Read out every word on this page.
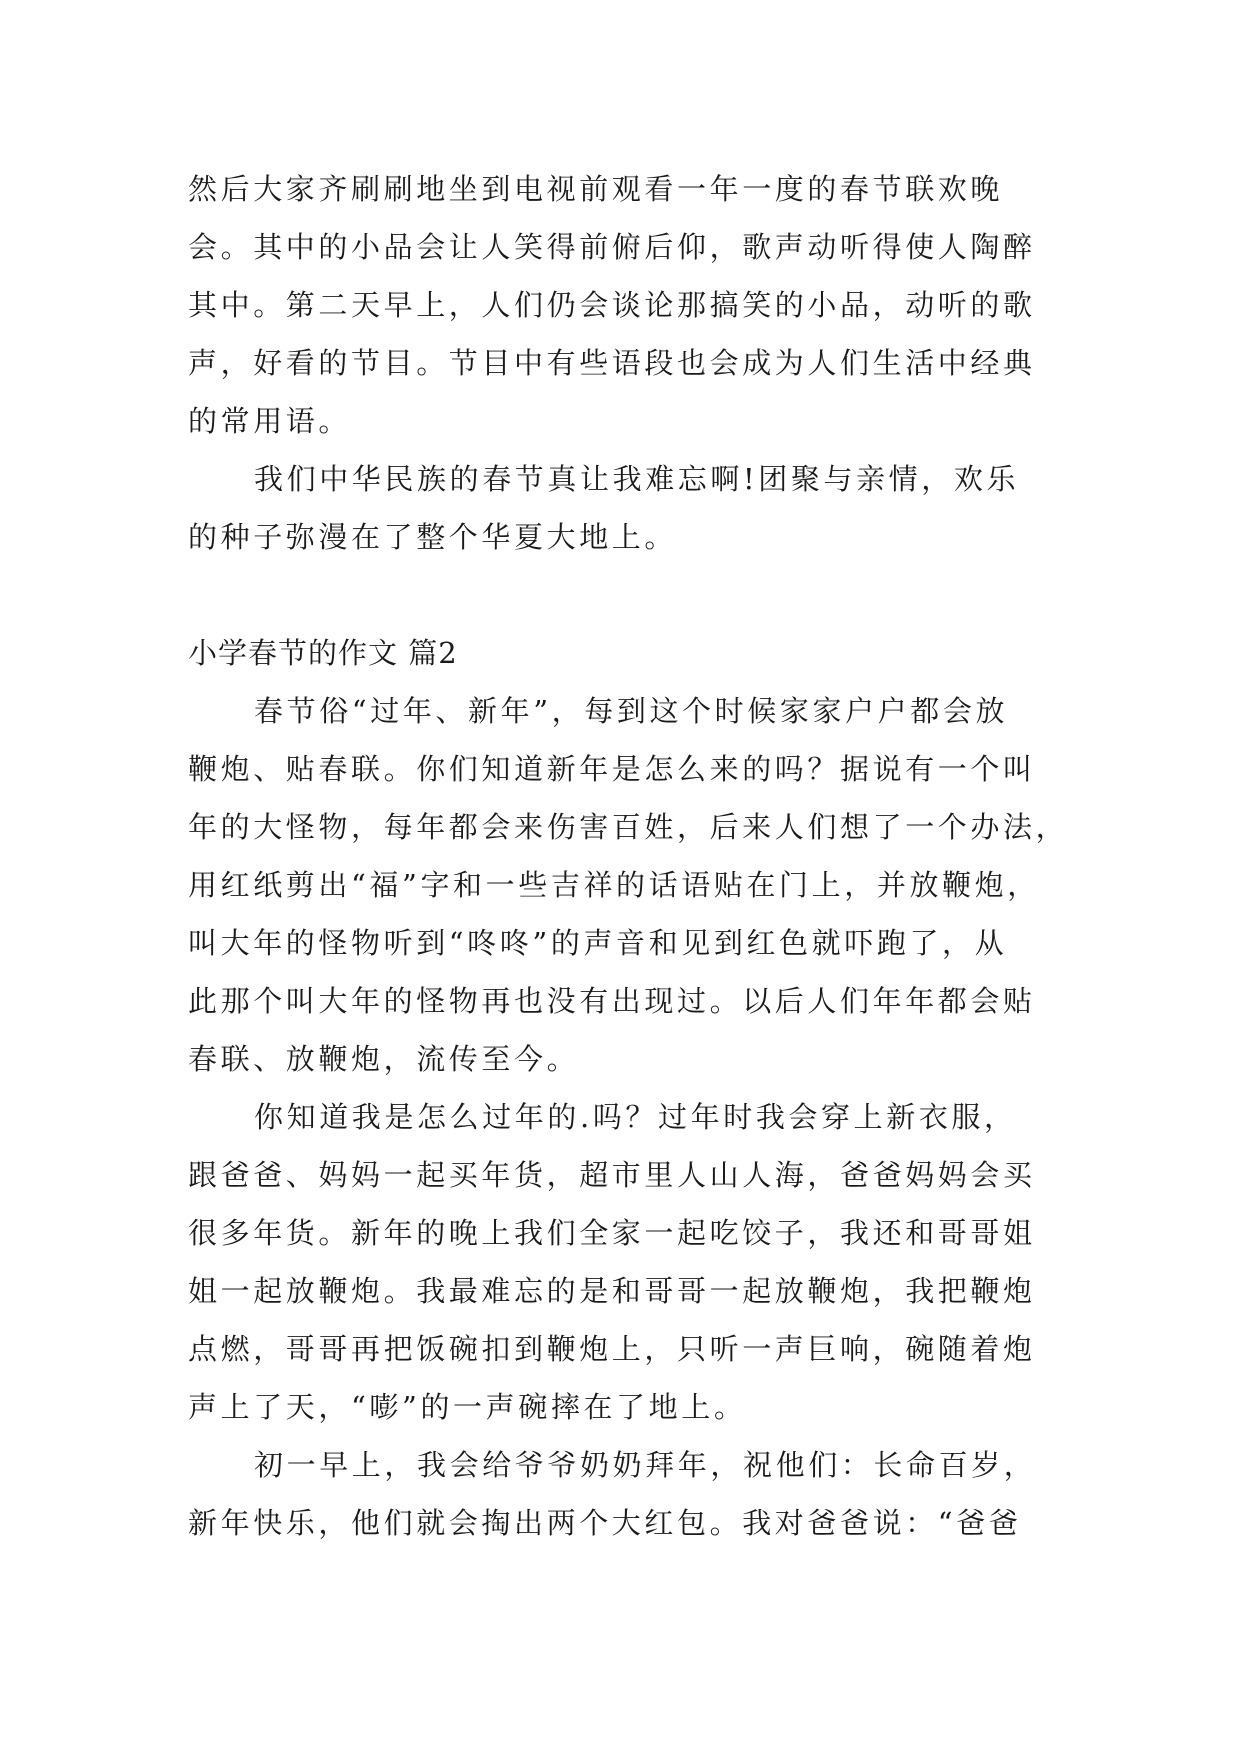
然后大家齐刷刷地坐到电视前观看一年一度的春节联欢晚
会。其中的小品会让人笑得前俯后仰，歌声动听得使人陶醉
其中。第二天早上，人们仍会谈论那搞笑的小品，动听的歌
声，好看的节目。节目中有些语段也会成为人们生活中经典
的常用语。
我们中华民族的春节真让我难忘啊!团聚与亲情，欢乐
的种子弥漫在了整个华夏大地上。
小学春节的作文 篇2
春节俗“过年、新年”，每到这个时候家家户户都会放
鞭炮、贴春联。你们知道新年是怎么来的吗？据说有一个叫
年的大怪物，每年都会来伤害百姓，后来人们想了一个办法，
用红纸剪出“福”字和一些吉祥的话语贴在门上，并放鞭炮，
叫大年的怪物听到“咚咚”的声音和见到红色就吓跑了，从
此那个叫大年的怪物再也没有出现过。以后人们年年都会贴
春联、放鞭炮，流传至今。
你知道我是怎么过年的.吗？过年时我会穿上新衣服，
跟爸爸、妈妈一起买年货，超市里人山人海，爸爸妈妈会买
很多年货。新年的晚上我们全家一起吃饺子，我还和哥哥姐
姐一起放鞭炮。我最难忘的是和哥哥一起放鞭炮，我把鞭炮
点燃，哥哥再把饭碗扣到鞭炮上，只听一声巨响，碗随着炮
声上了天，“嘭”的一声碗摔在了地上。
初一早上，我会给爷爷奶奶拜年，祝他们：长命百岁，
新年快乐，他们就会掏出两个大红包。我对爸爸说：“爸爸
